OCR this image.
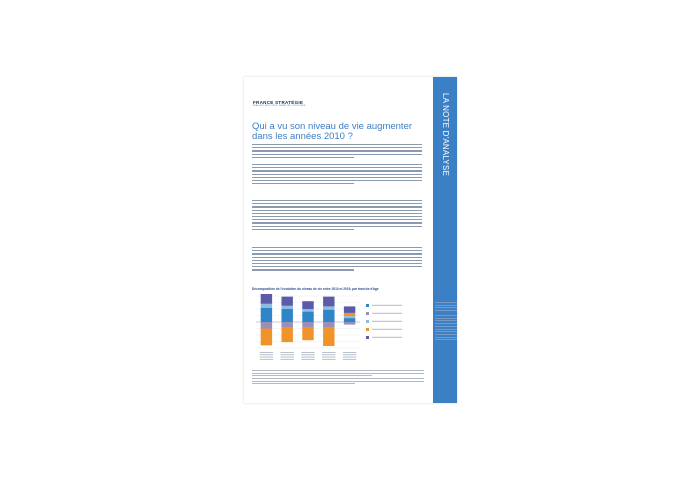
LA NOTE D'ANALYSE
FRANCE STRATÉGIE
ÉVALUER. ANTICIPER. DÉBATTRE. PROPOSER.
Qui a vu son niveau de vie augmenter dans les années 2010 ?
Décomposition de l'évolution du niveau de vie entre 2010 et 2019, par tranche d'âge
